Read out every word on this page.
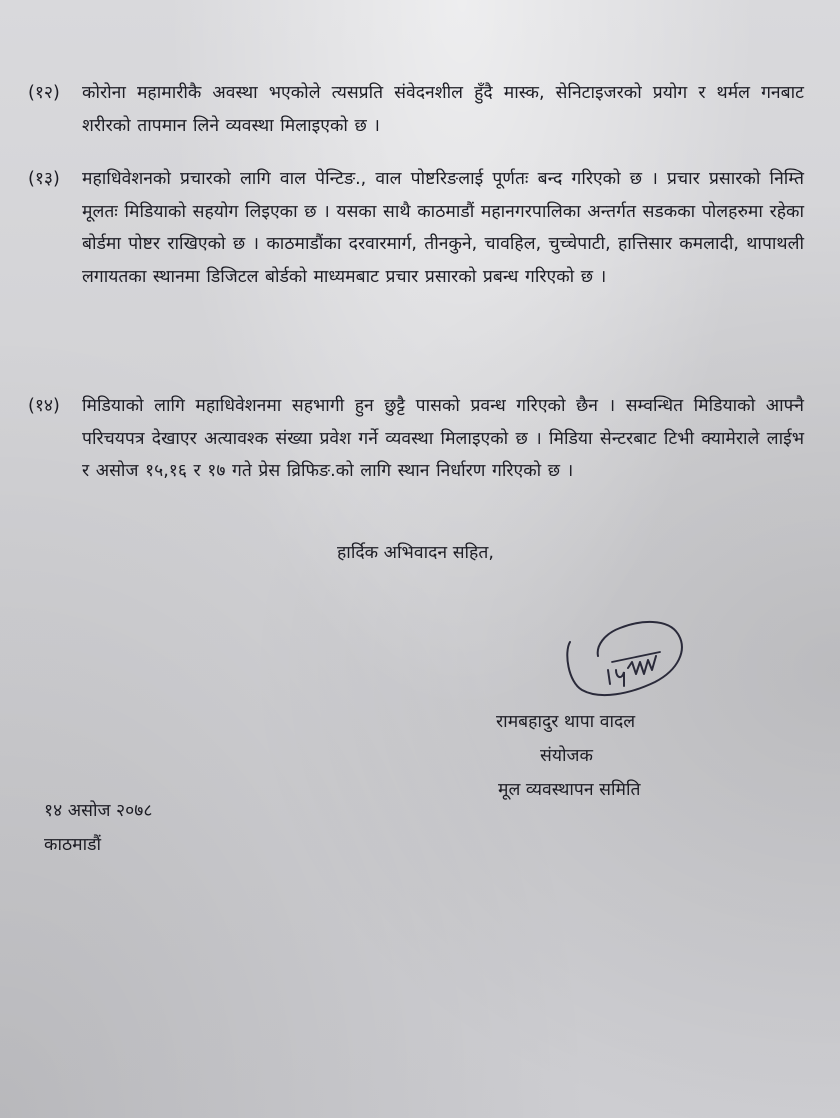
(१२) कोरोना महामारीकै अवस्था भएकोले त्यसप्रति संवेदनशील हुँदै मास्क, सेनिटाइजरको प्रयोग र थर्मल गनबाट शरीरको तापमान लिने व्यवस्था मिलाइएको छ ।
(१३) महाधिवेशनको प्रचारको लागि वाल पेन्टिङ., वाल पोष्टरिङलाई पूर्णतः बन्द गरिएको छ । प्रचार प्रसारको निम्ति मूलतः मिडियाको सहयोग लिइएका छ । यसका साथै काठमाडौं महानगरपालिका अन्तर्गत सडकका पोलहरुमा रहेका बोर्डमा पोष्टर राखिएको छ । काठमाडौंका दरवारमार्ग, तीनकुने, चावहिल, चुच्चेपाटी, हात्तिसार कमलादी, थापाथली लगायतका स्थानमा डिजिटल बोर्डको माध्यमबाट प्रचार प्रसारको प्रबन्ध गरिएको छ ।
(१४) मिडियाको लागि महाधिवेशनमा सहभागी हुन छुट्टै पासको प्रवन्ध गरिएको छैन । सम्वन्धित मिडियाको आफ्नै परिचयपत्र देखाएर अत्यावश्क संख्या प्रवेश गर्ने व्यवस्था मिलाइएको छ । मिडिया सेन्टरबाट टिभी क्यामेराले लाईभ र असोज १५,१६ र १७ गते प्रेस व्रिफिङ.को लागि स्थान निर्धारण गरिएको छ ।
हार्दिक अभिवादन सहित,
रामबहादुर थापा वादल
संयोजक
मूल व्यवस्थापन समिति
१४ असोज २०७८
काठमाडौं
